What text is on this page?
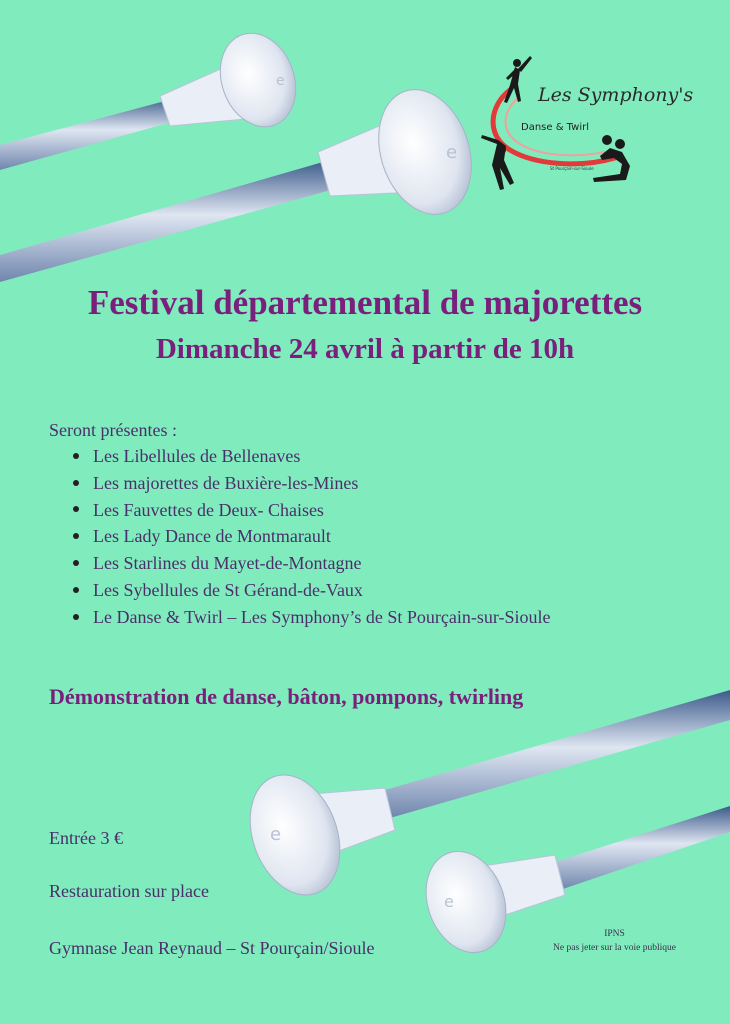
e
e
e
e
Les Symphony's
Danse & Twirl
St Pourçain-sur-Sioule
Festival départemental de majorettes
Dimanche 24 avril à partir de 10h
Seront présentes :
Les Libellules de Bellenaves
Les majorettes de Buxière-les-Mines
Les Fauvettes de Deux- Chaises
Les Lady Dance de Montmarault
Les Starlines du Mayet-de-Montagne
Les Sybellules de St Gérand-de-Vaux
Le Danse & Twirl – Les Symphony’s de St Pourçain-sur-Sioule
Démonstration de danse, bâton, pompons, twirling
Entrée 3 €
Restauration sur place
Gymnase Jean Reynaud – St Pourçain/Sioule
IPNS
Ne pas jeter sur la voie publique
